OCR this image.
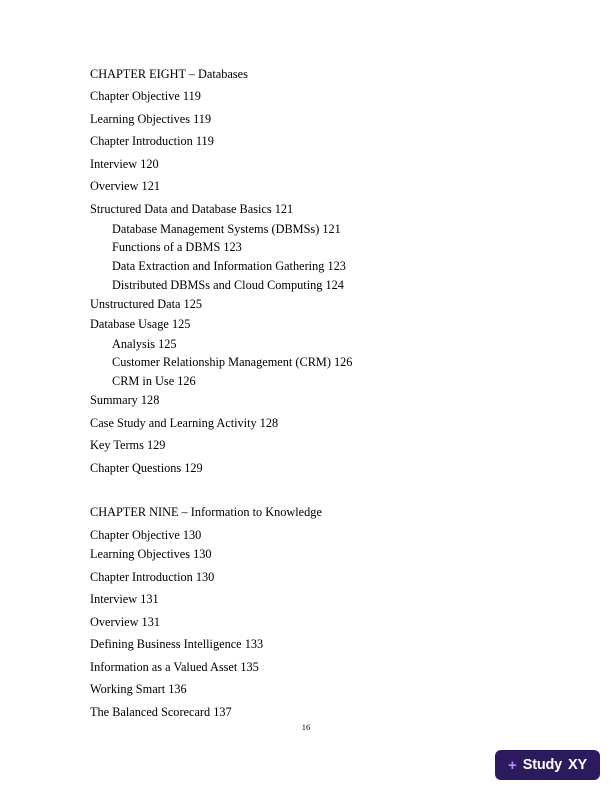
CHAPTER EIGHT – Databases
Chapter Objective 119
Learning Objectives 119
Chapter Introduction 119
Interview 120
Overview 121
Structured Data and Database Basics 121
Database Management Systems (DBMSs) 121
Functions of a DBMS 123
Data Extraction and Information Gathering 123
Distributed DBMSs and Cloud Computing 124
Unstructured Data 125
Database Usage 125
Analysis 125
Customer Relationship Management (CRM) 126
CRM in Use 126
Summary 128
Case Study and Learning Activity 128
Key Terms 129
Chapter Questions 129
CHAPTER NINE – Information to Knowledge
Chapter Objective 130
Learning Objectives 130
Chapter Introduction 130
Interview 131
Overview 131
Defining Business Intelligence 133
Information as a Valued Asset 135
Working Smart 136
The Balanced Scorecard 137
16
+ Study XY
